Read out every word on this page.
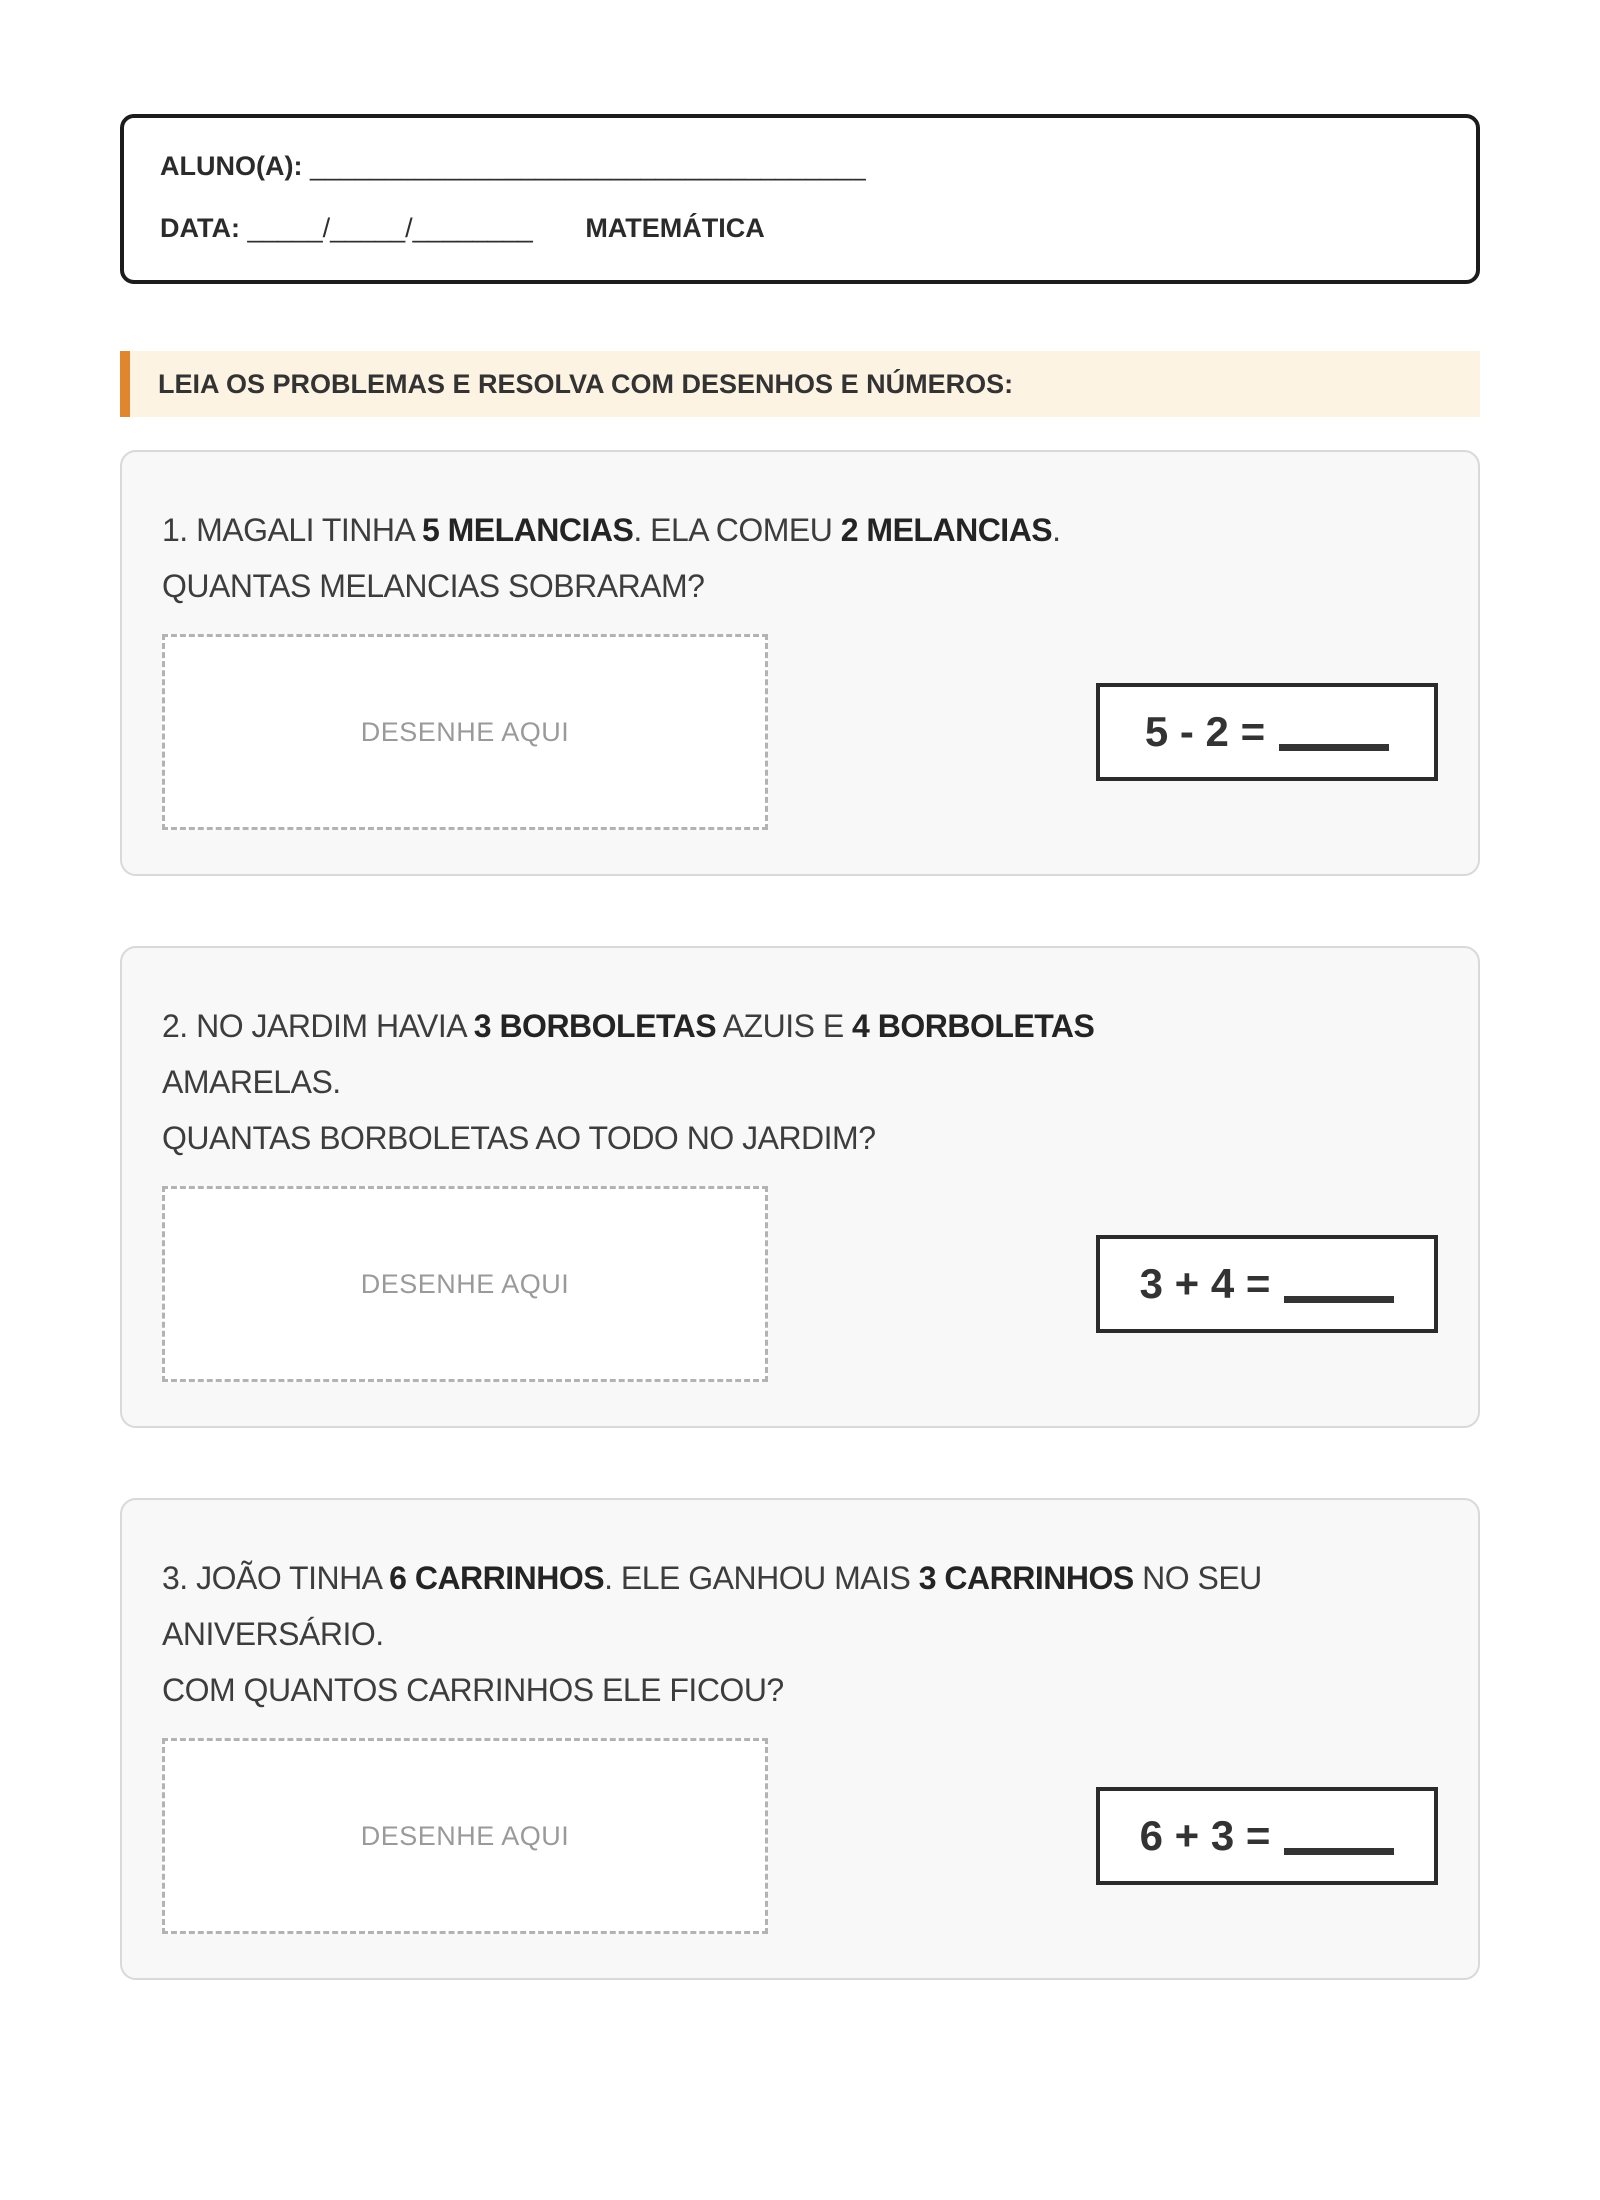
ALUNO(A): _____________________________________
DATA: _____/_____/________ MATEMÁTICA
LEIA OS PROBLEMAS E RESOLVA COM DESENHOS E NÚMEROS:
1. MAGALI TINHA 5 MELANCIAS. ELA COMEU 2 MELANCIAS.
QUANTAS MELANCIAS SOBRARAM?
DESENHE AQUI	5 - 2 =
2. NO JARDIM HAVIA 3 BORBOLETAS AZUIS E 4 BORBOLETAS
AMARELAS.
QUANTAS BORBOLETAS AO TODO NO JARDIM?
DESENHE AQUI	3 + 4 =
3. JOÃO TINHA 6 CARRINHOS. ELE GANHOU MAIS 3 CARRINHOS NO SEU
ANIVERSÁRIO.
COM QUANTOS CARRINHOS ELE FICOU?
DESENHE AQUI	6 + 3 =
